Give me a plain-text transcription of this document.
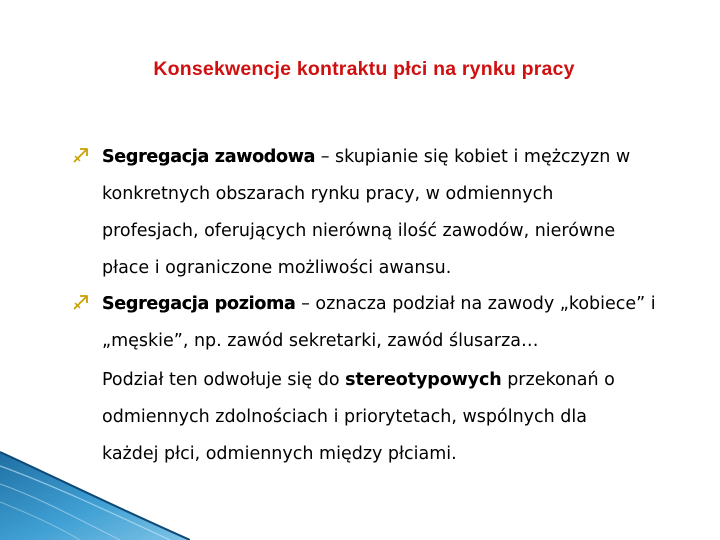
Konsekwencje kontraktu płci na rynku pracy
Segregacja zawodowa – skupianie się kobiet i mężczyzn w
konkretnych obszarach rynku pracy, w odmiennych
profesjach, oferujących nierówną ilość zawodów, nierówne
płace i ograniczone możliwości awansu.
Segregacja pozioma – oznacza podział na zawody „kobiece” i
„męskie”, np. zawód sekretarki, zawód ślusarza…
Podział ten odwołuje się do stereotypowych przekonań o
odmiennych zdolnościach i priorytetach, wspólnych dla
każdej płci, odmiennych między płciami.
